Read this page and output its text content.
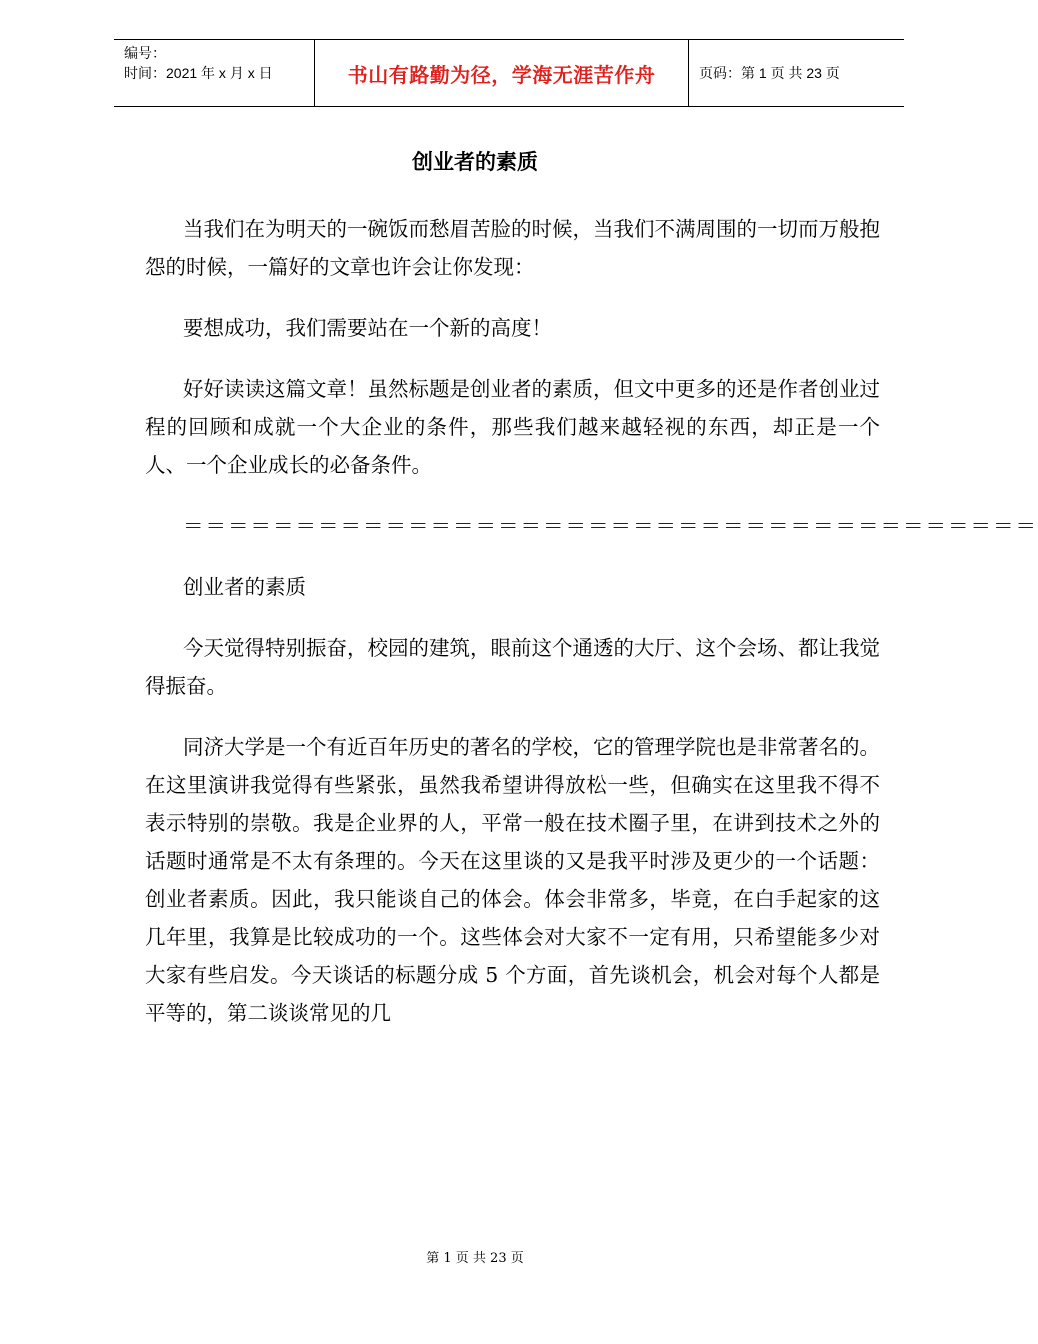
编号：
时间：2021 年 x 月 x 日	书山有路勤为径，学海无涯苦作舟	页码：第 1 页 共 23 页
创业者的素质

当我们在为明天的一碗饭而愁眉苦脸的时候，当我们不满周围的一切而万般抱怨的时候，一篇好的文章也许会让你发现：

要想成功，我们需要站在一个新的高度！

好好读读这篇文章！虽然标题是创业者的素质，但文中更多的还是作者创业过程的回顾和成就一个大企业的条件，那些我们越来越轻视的东西，却正是一个人、一个企业成长的必备条件。

＝＝＝＝＝＝＝＝＝＝＝＝＝＝＝＝＝＝＝＝＝＝＝＝＝＝＝＝＝＝＝＝＝＝＝＝＝＝

创业者的素质

今天觉得特别振奋，校园的建筑，眼前这个通透的大厅、这个会场、都让我觉得振奋。

同济大学是一个有近百年历史的著名的学校，它的管理学院也是非常著名的。在这里演讲我觉得有些紧张，虽然我希望讲得放松一些，但确实在这里我不得不表示特别的崇敬。我是企业界的人，平常一般在技术圈子里，在讲到技术之外的话题时通常是不太有条理的。今天在这里谈的又是我平时涉及更少的一个话题：创业者素质。因此，我只能谈自己的体会。体会非常多，毕竟，在白手起家的这几年里，我算是比较成功的一个。这些体会对大家不一定有用，只希望能多少对大家有些启发。今天谈话的标题分成 5 个方面，首先谈机会，机会对每个人都是平等的，第二谈谈常见的几

第 1 页 共 23 页
